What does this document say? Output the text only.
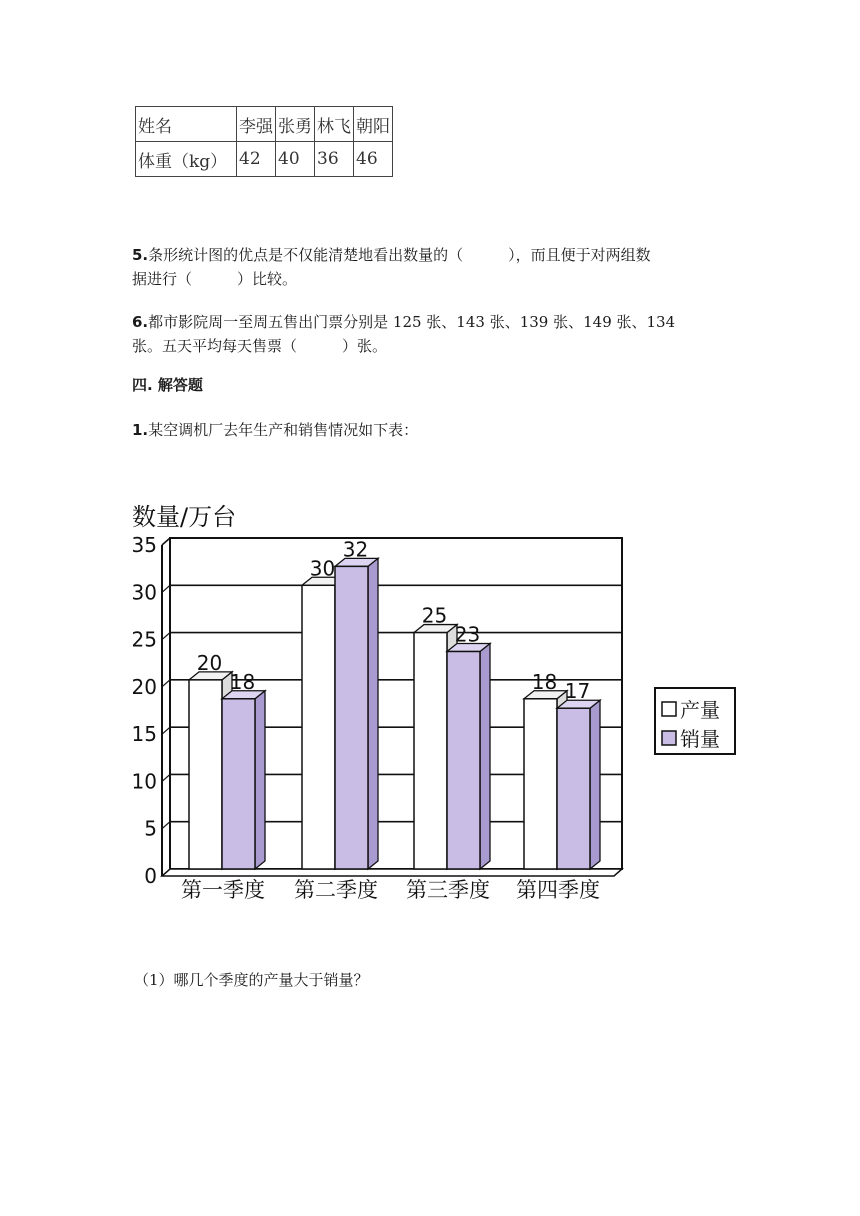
姓名	李强	张勇	林飞	朝阳
体重（kg）	42	40	36	46
5.条形统计图的优点是不仅能清楚地看出数量的（　　　），而且便于对两组数
据进行（　　　）比较。
6.都市影院周一至周五售出门票分别是 125 张、143 张、139 张、149 张、134
张。五天平均每天售票（　　　）张。
四. 解答题
1.某空调机厂去年生产和销售情况如下表：
0
5
10
15
20
25
30
35
数量/万台
20
18
第一季度
30
32
第二季度
25
23
第三季度
18 17
第四季度
产量
销量
（1）哪几个季度的产量大于销量？
